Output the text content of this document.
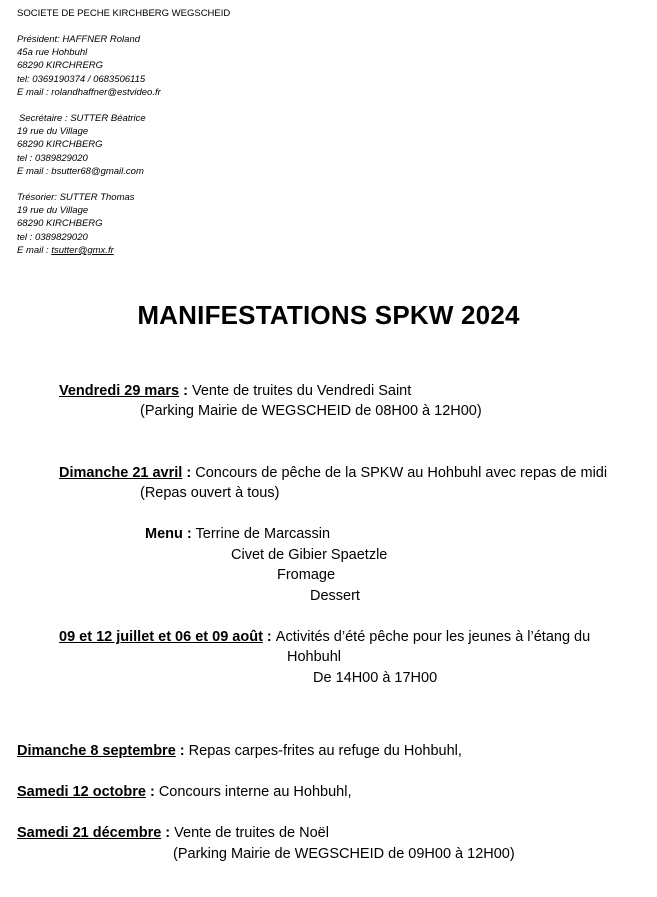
SOCIETE DE PECHE KIRCHBERG WEGSCHEID
Président: HAFFNER Roland
45a rue Hohbuhl
68290 KIRCHRERG
tel: 0369190374 / 0683506115
E mail : rolandhaffner@estvideo.fr
Secrétaire : SUTTER Béatrice
19 rue du Village
68290 KIRCHBERG
tel : 0389829020
E mail : bsutter68@gmail.com
Trésorier: SUTTER Thomas
19 rue du Village
68290 KIRCHBERG
tel : 0389829020
E mail : tsutter@gmx.fr
MANIFESTATIONS SPKW 2024
Vendredi 29 mars : Vente de truites du Vendredi Saint
(Parking Mairie de WEGSCHEID de 08H00 à 12H00)
Dimanche 21 avril : Concours de pêche de la SPKW au Hohbuhl avec repas de midi
(Repas ouvert à tous)
Menu : Terrine de Marcassin
Civet de Gibier Spaetzle
Fromage
Dessert
09 et 12 juillet et 06 et 09 août : Activités d’été pêche pour les jeunes à l’étang du
Hohbuhl
De 14H00 à 17H00
Dimanche 8 septembre : Repas carpes-frites au refuge du Hohbuhl,
Samedi 12 octobre : Concours interne au Hohbuhl,
Samedi 21 décembre : Vente de truites de Noël
(Parking Mairie de WEGSCHEID de 09H00 à 12H00)
